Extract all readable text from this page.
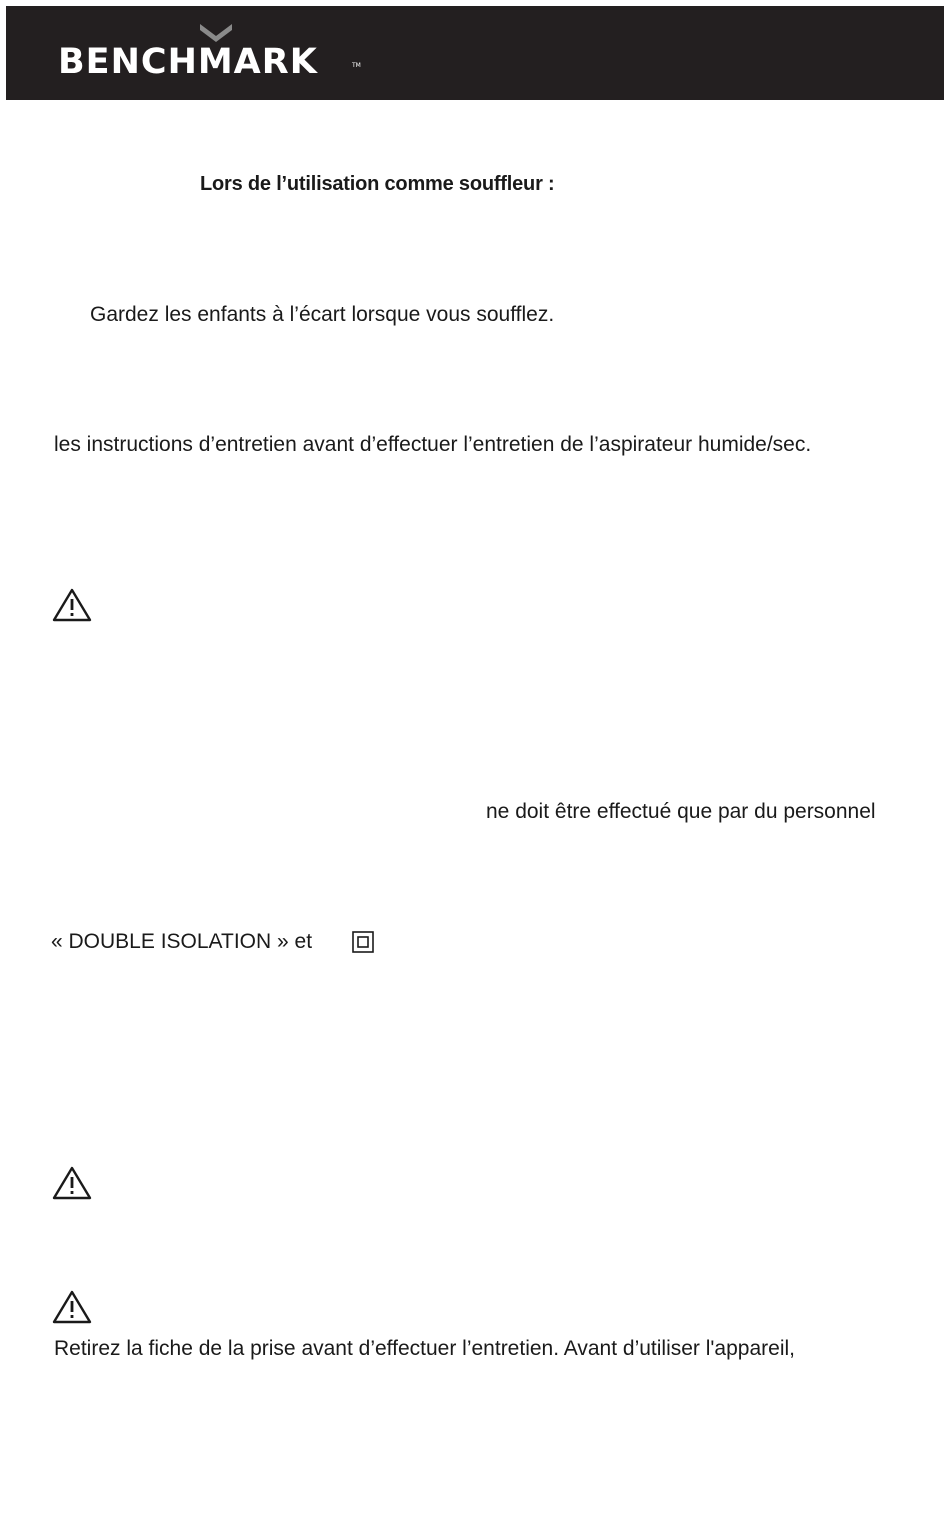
BENCHMARK	TM
Lors de l’utilisation comme souffleur :
Gardez les enfants à l’écart lorsque vous soufflez.
les instructions d’entretien avant d’effectuer l’entretien de l’aspirateur humide/sec.
ne doit être effectué que par du personnel
« DOUBLE ISOLATION » et
Retirez la fiche de la prise avant d’effectuer l’entretien. Avant d’utiliser l'appareil,
